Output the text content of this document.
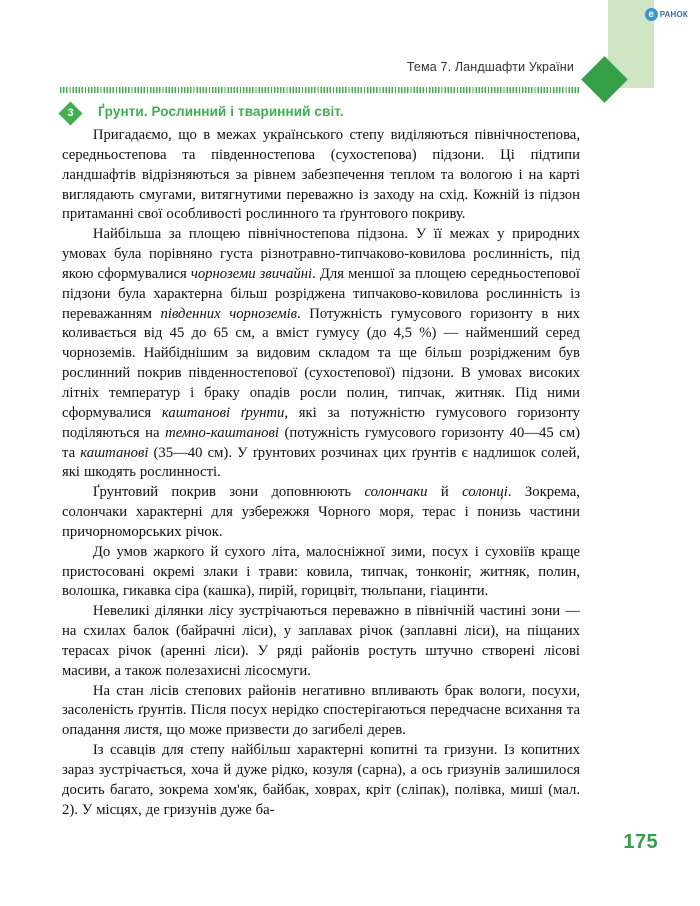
e РАНОК
Тема 7. Ландшафти України
3	Ґрунти. Рослинний і тваринний світ.

Пригадаємо, що в межах українського степу виділяються північностепова, середньостепова та південностепова (сухостепова) підзони. Ці підтипи ландшафтів відрізняються за рівнем забезпечення теплом та вологою і на карті виглядають смугами, витягнутими переважно із заходу на схід. Кожній із підзон притаманні свої особливості рослинного та ґрунтового покриву.

Найбільша за площею північностепова підзона. У її межах у природних умовах була порівняно густа різнотравно-типчаково-ковилова рослинність, під якою сформувалися чорноземи звичайні. Для меншої за площею середньостепової підзони була характерна більш розріджена типчаково-ковилова рослинність із переважанням південних чорноземів. Потужність гумусового горизонту в них коливається від 45 до 65 см, а вміст гумусу (до 4,5 %) — найменший серед чорноземів. Найбіднішим за видовим складом та ще більш розрідженим був рослинний покрив південностепової (сухостепової) підзони. В умовах високих літніх температур і браку опадів росли полин, типчак, житняк. Під ними сформувалися каштанові ґрунти, які за потужністю гумусового горизонту поділяються на темно-каштанові (потужність гумусового горизонту 40—45 см) та каштанові (35—40 см). У ґрунтових розчинах цих ґрунтів є надлишок солей, які шкодять рослинності.

Ґрунтовий покрив зони доповнюють солончаки й солонці. Зокрема, солончаки характерні для узбережжя Чорного моря, терас і понизь частини причорноморських річок.

До умов жаркого й сухого літа, малосніжної зими, посух і суховіїв краще пристосовані окремі злаки і трави: ковила, типчак, тонконіг, житняк, полин, волошка, гикавка сіра (кашка), пирій, горицвіт, тюльпани, гіацинти.

Невеликі ділянки лісу зустрічаються переважно в північній частині зони — на схилах балок (байрачні ліси), у заплавах річок (заплавні ліси), на піщаних терасах річок (аренні ліси). У ряді районів ростуть штучно створені лісові масиви, а також полезахисні лісосмуги.

На стан лісів степових районів негативно впливають брак вологи, посухи, засоленість ґрунтів. Після посух нерідко спостерігаються передчасне всихання та опадання листя, що може призвести до загибелі дерев.

Із ссавців для степу найбільш характерні копитні та гризуни. Із копитних зараз зустрічається, хоча й дуже рідко, козуля (сарна), а ось гризунів залишилося досить багато, зокрема хом'як, байбак, ховрах, кріт (сліпак), полівка, миші (мал. 2). У місцях, де гризунів дуже ба-

175
